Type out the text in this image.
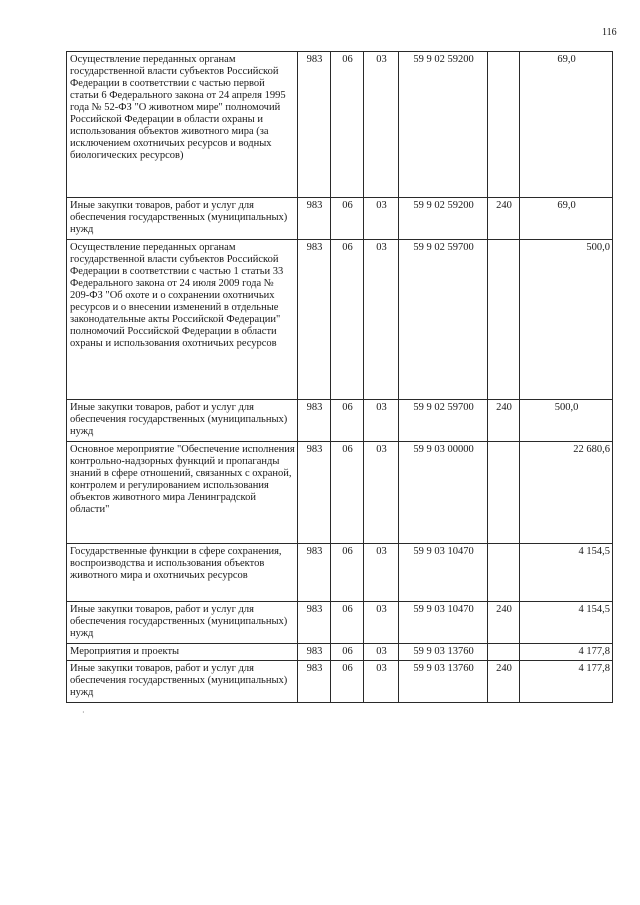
116
Осуществление переданных органам государственной власти субъектов Российской Федерации в соответствии с частью первой статьи 6 Федерального закона от 24 апреля 1995 года № 52-ФЗ "О животном мире" полномочий Российской Федерации в области охраны и использования объектов животного мира (за исключением охотничьих ресурсов и водных биологических ресурсов)	983	06	03	59 9 02 59200		69,0
Иные закупки товаров, работ и услуг для обеспечения государственных (муниципальных) нужд	983	06	03	59 9 02 59200	240	69,0
Осуществление переданных органам государственной власти субъектов Российской Федерации в соответствии с частью 1 статьи 33 Федерального закона от 24 июля 2009 года № 209-ФЗ "Об охоте и о сохранении охотничьих ресурсов и о внесении изменений в отдельные законодательные акты Российской Федерации" полномочий Российской Федерации в области охраны и использования охотничьих ресурсов	983	06	03	59 9 02 59700		500,0
Иные закупки товаров, работ и услуг для обеспечения государственных (муниципальных) нужд	983	06	03	59 9 02 59700	240	500,0
Основное мероприятие "Обеспечение исполнения контрольно-надзорных функций и пропаганды знаний в сфере отношений, связанных с охраной, контролем и регулированием использования объектов животного мира Ленинградской области"	983	06	03	59 9 03 00000		22 680,6
Государственные функции в сфере сохранения, воспроизводства и использования объектов животного мира и охотничьих ресурсов	983	06	03	59 9 03 10470		4 154,5
Иные закупки товаров, работ и услуг для обеспечения государственных (муниципальных) нужд	983	06	03	59 9 03 10470	240	4 154,5
Мероприятия и проекты	983	06	03	59 9 03 13760		4 177,8
Иные закупки товаров, работ и услуг для обеспечения государственных (муниципальных) нужд	983	06	03	59 9 03 13760	240	4 177,8
·
